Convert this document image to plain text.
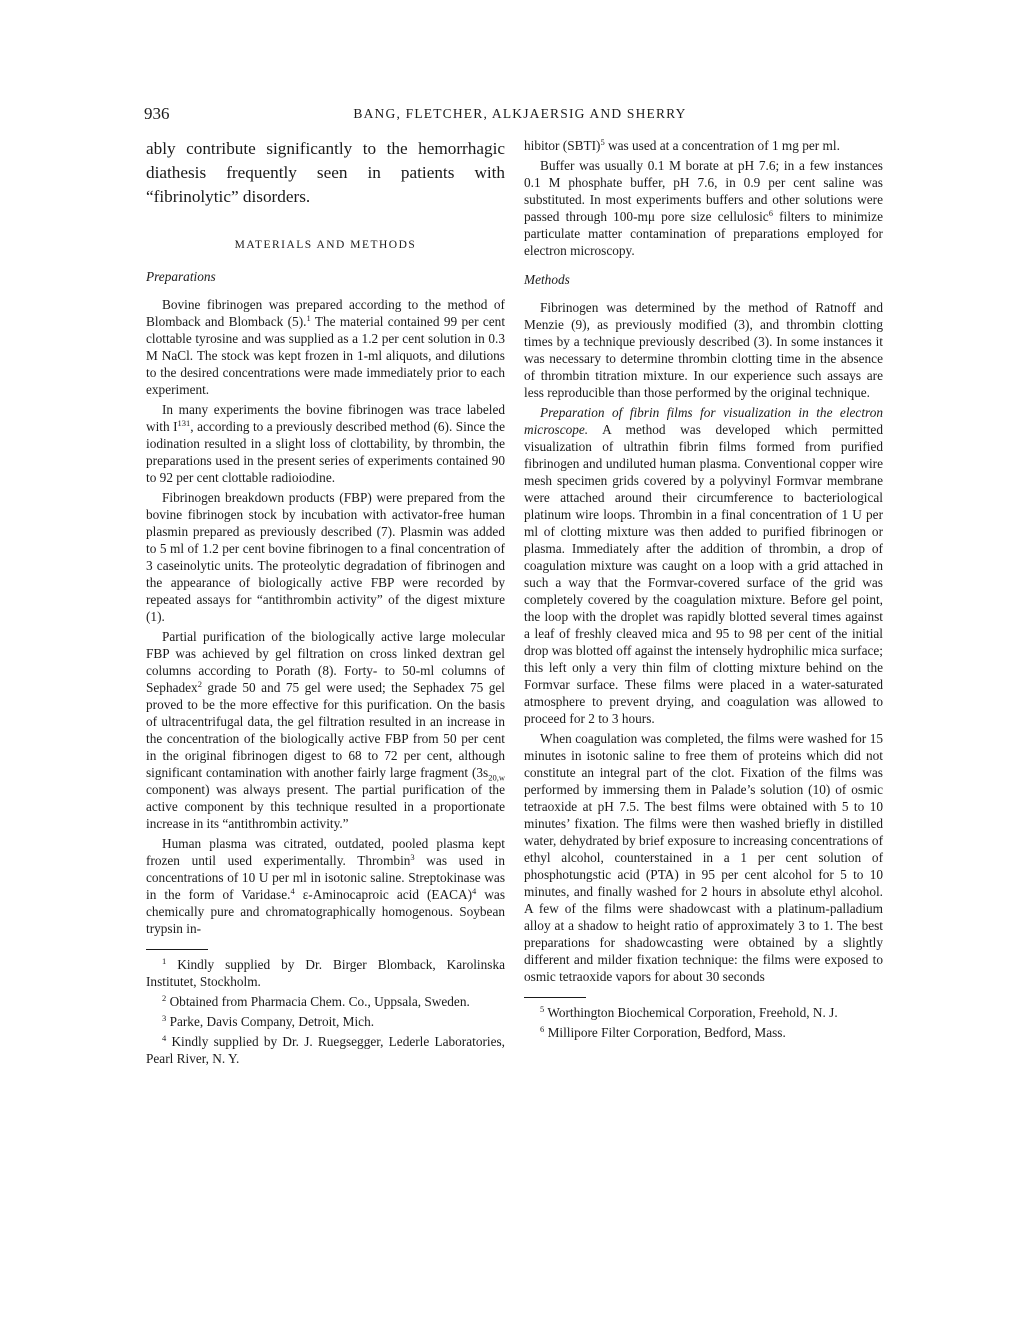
936	BANG, FLETCHER, ALKJAERSIG AND SHERRY

ably contribute significantly to the hemorrhagic diathesis frequently seen in patients with “fibrinolytic” disorders.

MATERIALS AND METHODS
Preparations

Bovine fibrinogen was prepared according to the method of Blomback and Blomback (5).$^1$ The material contained 99 per cent clottable tyrosine and was supplied as a 1.2 per cent solution in 0.3 M NaCl. The stock was kept frozen in 1-ml aliquots, and dilutions to the desired concentrations were made immediately prior to each experiment.

In many experiments the bovine fibrinogen was trace labeled with $I^{131}$, according to a previously described method (6). Since the iodination resulted in a slight loss of clottability, by thrombin, the preparations used in the present series of experiments contained 90 to 92 per cent clottable radioiodine.

Fibrinogen breakdown products (FBP) were prepared from the bovine fibrinogen stock by incubation with activator-free human plasmin prepared as previously described (7). Plasmin was added to 5 ml of 1.2 per cent bovine fibrinogen to a final concentration of 3 caseinolytic units. The proteolytic degradation of fibrinogen and the appearance of biologically active FBP were recorded by repeated assays for “antithrombin activity” of the digest mixture (1).

Partial purification of the biologically active large molecular FBP was achieved by gel filtration on cross linked dextran gel columns according to Porath (8). Forty- to 50-ml columns of Sephadex$^2$ grade 50 and 75 gel were used; the Sephadex 75 gel proved to be the more effective for this purification. On the basis of ultracentrifugal data, the gel filtration resulted in an increase in the concentration of the biologically active FBP from 50 per cent in the original fibrinogen digest to 68 to 72 per cent, although significant contamination with another fairly large fragment ($3s_{20,w}$ component) was always present. The partial purification of the active component by this technique resulted in a proportionate increase in its “antithrombin activity.”

Human plasma was citrated, outdated, pooled plasma kept frozen until used experimentally. Thrombin$^3$ was used in concentrations of 10 U per ml in isotonic saline. Streptokinase was in the form of Varidase.$^4$ ε-Aminocaproic acid (EACA)$^4$ was chemically pure and chromatographically homogenous. Soybean trypsin in-

$^1$ Kindly supplied by Dr. Birger Blomback, Karolinska Institutet, Stockholm.

$^2$ Obtained from Pharmacia Chem. Co., Uppsala, Sweden.

$^3$ Parke, Davis Company, Detroit, Mich.

$^4$ Kindly supplied by Dr. J. Ruegsegger, Lederle Laboratories, Pearl River, N. Y.

hibitor (SBTI)$^5$ was used at a concentration of 1 mg per ml.

Buffer was usually 0.1 M borate at pH 7.6; in a few instances 0.1 M phosphate buffer, pH 7.6, in 0.9 per cent saline was substituted. In most experiments buffers and other solutions were passed through 100-mμ pore size cellulosic$^6$ filters to minimize particulate matter contamination of preparations employed for electron microscopy.

Methods

Fibrinogen was determined by the method of Ratnoff and Menzie (9), as previously modified (3), and thrombin clotting times by a technique previously described (3). In some instances it was necessary to determine thrombin clotting time in the absence of thrombin titration mixture. In our experience such assays are less reproducible than those performed by the original technique.

Preparation of fibrin films for visualization in the electron microscope. A method was developed which permitted visualization of ultrathin fibrin films formed from purified fibrinogen and undiluted human plasma. Conventional copper wire mesh specimen grids covered by a polyvinyl Formvar membrane were attached around their circumference to bacteriological platinum wire loops. Thrombin in a final concentration of 1 U per ml of clotting mixture was then added to purified fibrinogen or plasma. Immediately after the addition of thrombin, a drop of coagulation mixture was caught on a loop with a grid attached in such a way that the Formvar-covered surface of the grid was completely covered by the coagulation mixture. Before gel point, the loop with the droplet was rapidly blotted several times against a leaf of freshly cleaved mica and 95 to 98 per cent of the initial drop was blotted off against the intensely hydrophilic mica surface; this left only a very thin film of clotting mixture behind on the Formvar surface. These films were placed in a water-saturated atmosphere to prevent drying, and coagulation was allowed to proceed for 2 to 3 hours.

When coagulation was completed, the films were washed for 15 minutes in isotonic saline to free them of proteins which did not constitute an integral part of the clot. Fixation of the films was performed by immersing them in Palade’s solution (10) of osmic tetraoxide at pH 7.5. The best films were obtained with 5 to 10 minutes’ fixation. The films were then washed briefly in distilled water, dehydrated by brief exposure to increasing concentrations of ethyl alcohol, counterstained in a 1 per cent solution of phosphotungstic acid (PTA) in 95 per cent alcohol for 5 to 10 minutes, and finally washed for 2 hours in absolute ethyl alcohol. A few of the films were shadowcast with a platinum-palladium alloy at a shadow to height ratio of approximately 3 to 1. The best preparations for shadowcasting were obtained by a slightly different and milder fixation technique: the films were exposed to osmic tetraoxide vapors for about 30 seconds

$^5$ Worthington Biochemical Corporation, Freehold, N. J.

$^6$ Millipore Filter Corporation, Bedford, Mass.
